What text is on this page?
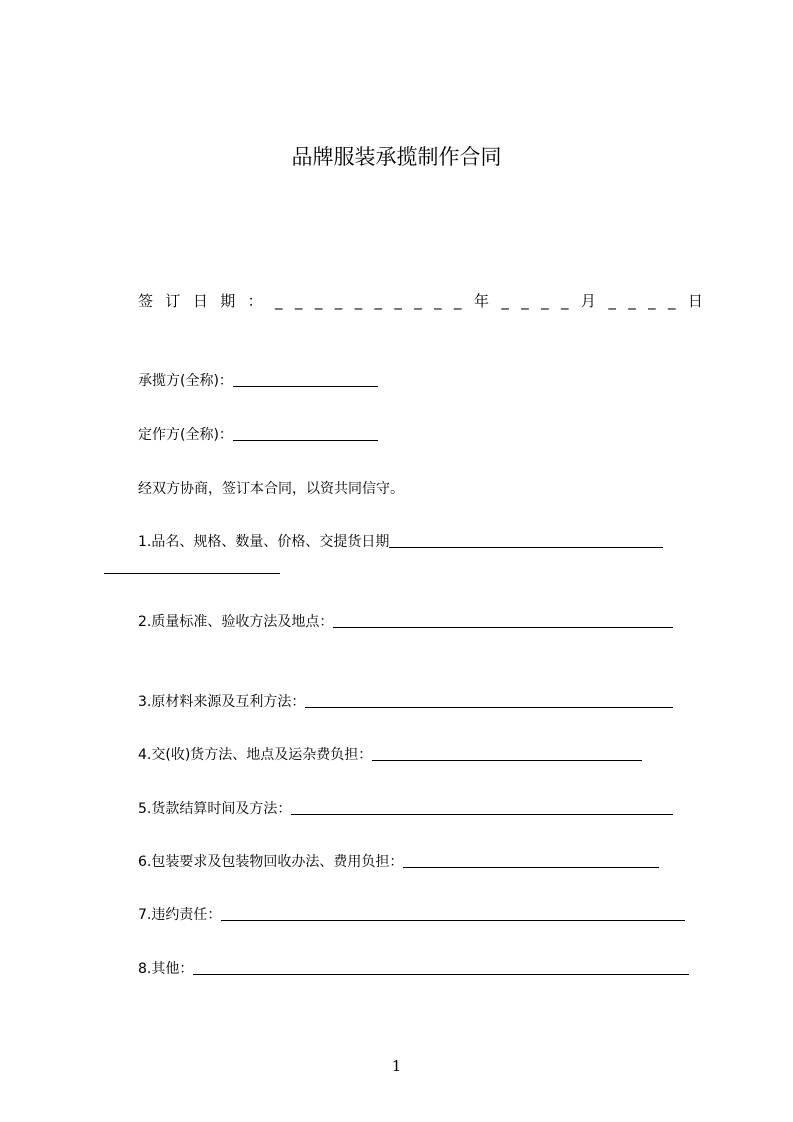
品牌服装承揽制作合同
签 订 日 期 ： _ _ _ _ _ _ _ _ _ _ 年 _ _ _ _ 月 _ _ _ _ 日
承揽方(全称)：
定作方(全称)：
经双方协商，签订本合同，以资共同信守。
1.品名、规格、数量、价格、交提货日期
2.质量标准、验收方法及地点：
3.原材料来源及互利方法：
4.交(收)货方法、地点及运杂费负担：
5.货款结算时间及方法：
6.包装要求及包装物回收办法、费用负担：
7.违约责任：
8.其他：
1
